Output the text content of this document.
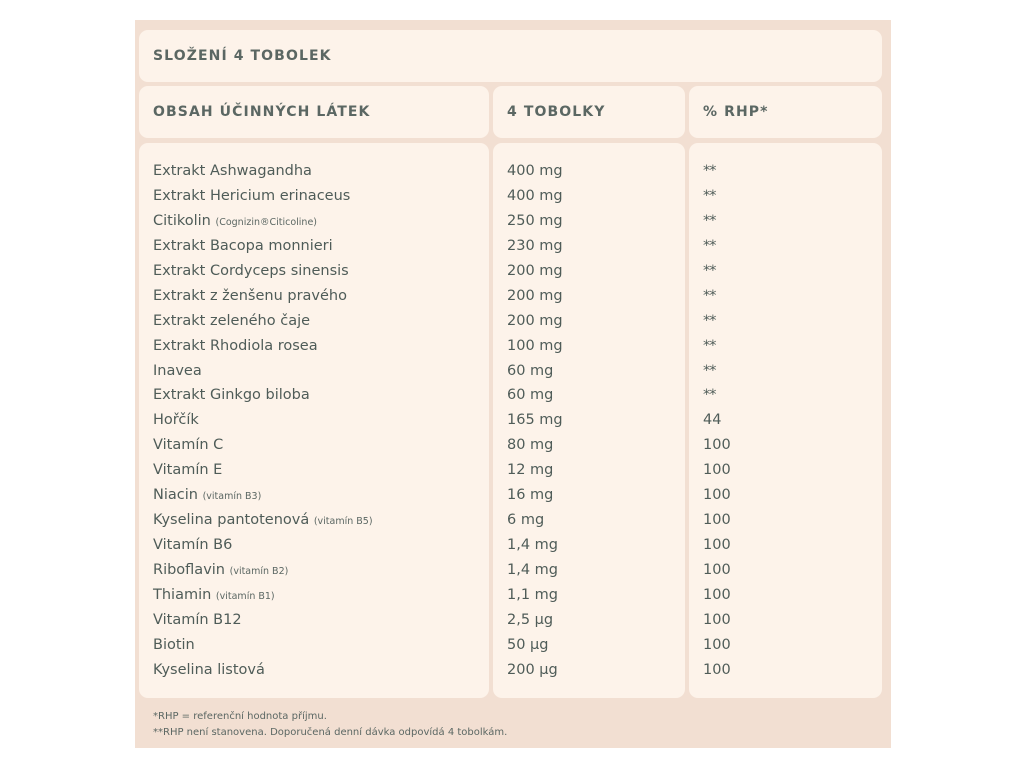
SLOŽENÍ 4 TOBOLEK
OBSAH ÚČINNÝCH LÁTEK	4 TOBOLKY	% RHP*
Extrakt Ashwagandha
Extrakt Hericium erinaceus
Citikolin (Cognizin®Citicoline)
Extrakt Bacopa monnieri
Extrakt Cordyceps sinensis
Extrakt z ženšenu pravého
Extrakt zeleného čaje
Extrakt Rhodiola rosea
Inavea
Extrakt Ginkgo biloba
Hořčík
Vitamín C
Vitamín E
Niacin (vitamín B3)
Kyselina pantotenová (vitamín B5)
Vitamín B6
Riboflavin (vitamín B2)
Thiamin (vitamín B1)
Vitamín B12
Biotin
Kyselina listová
400 mg
400 mg
250 mg
230 mg
200 mg
200 mg
200 mg
100 mg
60 mg
60 mg
165 mg
80 mg
12 mg
16 mg
6 mg
1,4 mg
1,4 mg
1,1 mg
2,5 µg
50 µg
200 µg
**
**
**
**
**
**
**
**
**
**
44
100
100
100
100
100
100
100
100
100
100
*RHP = referenční hodnota příjmu.
**RHP není stanovena. Doporučená denní dávka odpovídá 4 tobolkám.
